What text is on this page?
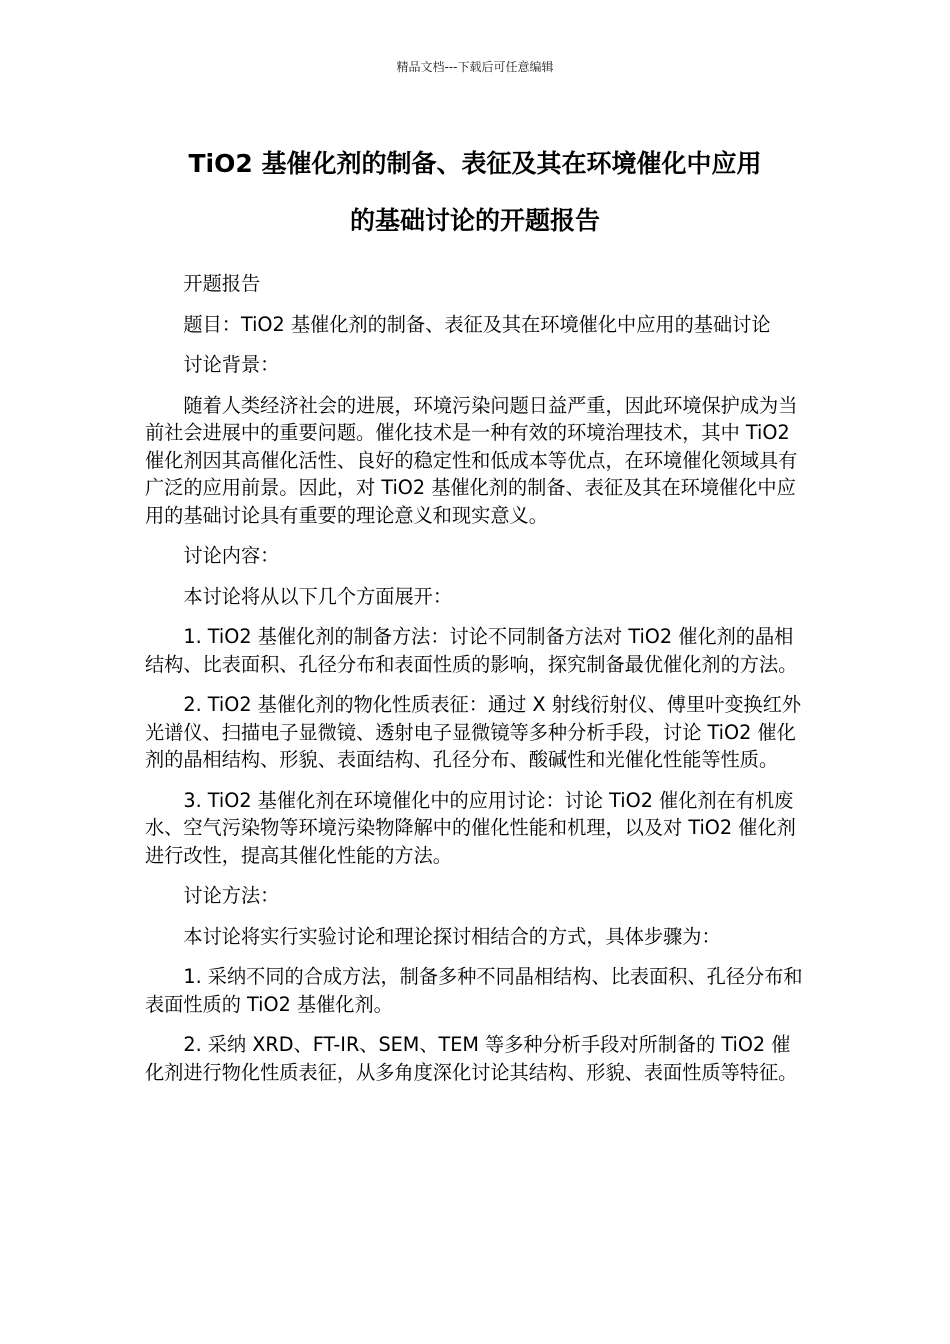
精品文档---下载后可任意编辑
TiO2 基催化剂的制备、表征及其在环境催化中应用
的基础讨论的开题报告

开题报告

题目：TiO2 基催化剂的制备、表征及其在环境催化中应用的基础讨论

讨论背景：

随着人类经济社会的进展，环境污染问题日益严重，因此环境保护成为当前社会进展中的重要问题。催化技术是一种有效的环境治理技术，其中 TiO2 催化剂因其高催化活性、良好的稳定性和低成本等优点，在环境催化领域具有广泛的应用前景。因此，对 TiO2 基催化剂的制备、表征及其在环境催化中应用的基础讨论具有重要的理论意义和现实意义。

讨论内容：

本讨论将从以下几个方面展开：

1. TiO2 基催化剂的制备方法：讨论不同制备方法对 TiO2 催化剂的晶相结构、比表面积、孔径分布和表面性质的影响，探究制备最优催化剂的方法。

2. TiO2 基催化剂的物化性质表征：通过 X 射线衍射仪、傅里叶变换红外光谱仪、扫描电子显微镜、透射电子显微镜等多种分析手段，讨论 TiO2 催化剂的晶相结构、形貌、表面结构、孔径分布、酸碱性和光催化性能等性质。

3. TiO2 基催化剂在环境催化中的应用讨论：讨论 TiO2 催化剂在有机废水、空气污染物等环境污染物降解中的催化性能和机理，以及对 TiO2 催化剂进行改性，提高其催化性能的方法。

讨论方法：

本讨论将实行实验讨论和理论探讨相结合的方式，具体步骤为：

1. 采纳不同的合成方法，制备多种不同晶相结构、比表面积、孔径分布和表面性质的 TiO2 基催化剂。

2. 采纳 XRD、FT-IR、SEM、TEM 等多种分析手段对所制备的 TiO2 催化剂进行物化性质表征，从多角度深化讨论其结构、形貌、表面性质等特征。
